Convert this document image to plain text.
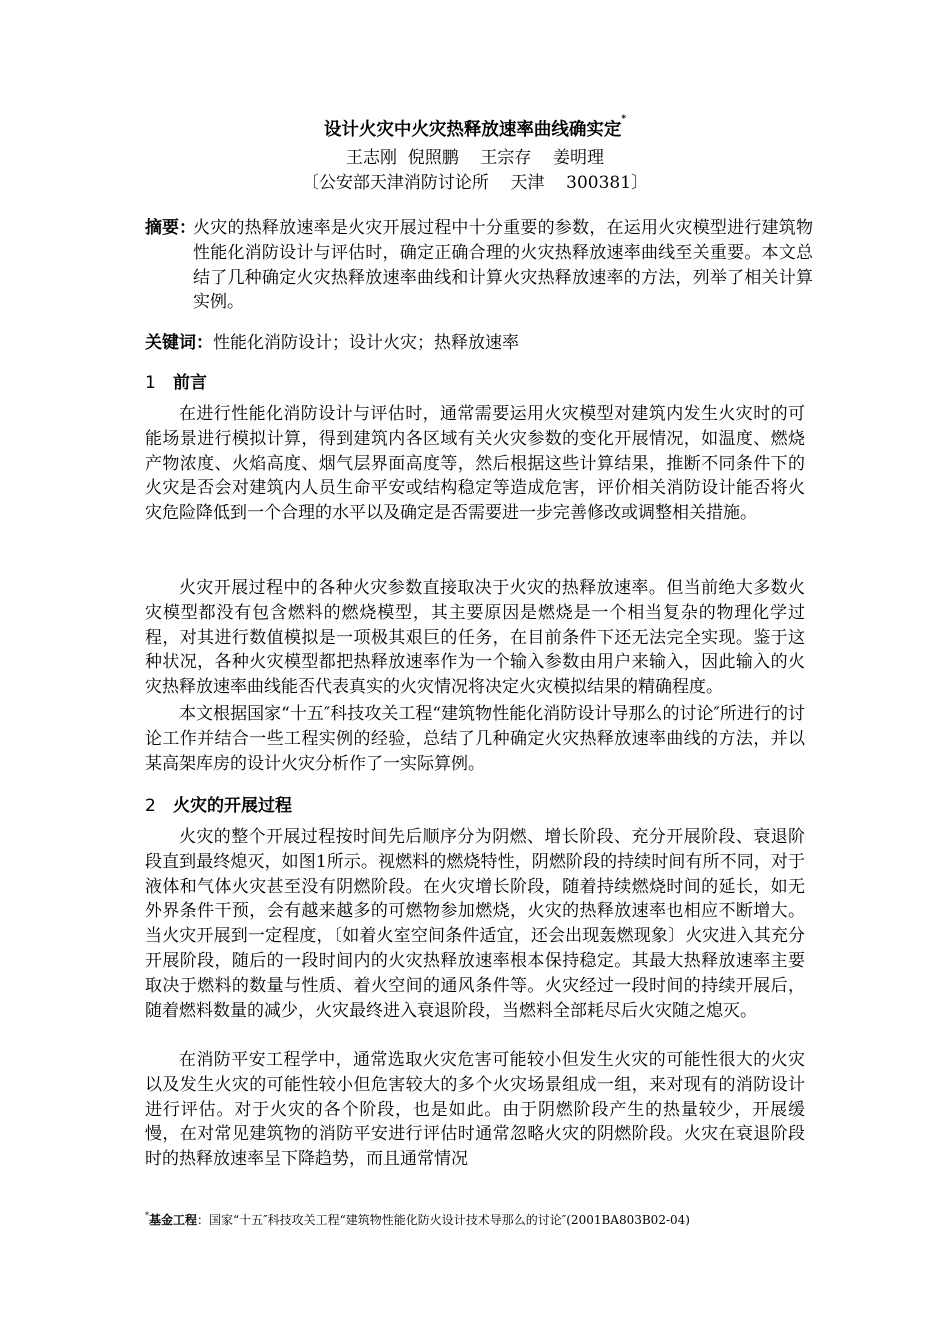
设计火灾中火灾热释放速率曲线确实定*
王志刚  倪照鹏    王宗存    姜明理
〔公安部天津消防讨论所    天津    300381〕
摘要：
火灾的热释放速率是火灾开展过程中十分重要的参数，在运用火灾模型进行建筑物性能化消防设计与评估时，确定正确合理的火灾热释放速率曲线至关重要。本文总结了几种确定火灾热释放速率曲线和计算火灾热释放速率的方法，列举了相关计算实例。
关键词：性能化消防设计；设计火灾；热释放速率
1 前言

在进行性能化消防设计与评估时，通常需要运用火灾模型对建筑内发生火灾时的可能场景进行模拟计算，得到建筑内各区域有关火灾参数的变化开展情况，如温度、燃烧产物浓度、火焰高度、烟气层界面高度等，然后根据这些计算结果，推断不同条件下的火灾是否会对建筑内人员生命平安或结构稳定等造成危害，评价相关消防设计能否将火灾危险降低到一个合理的水平以及确定是否需要进一步完善修改或调整相关措施。

火灾开展过程中的各种火灾参数直接取决于火灾的热释放速率。但当前绝大多数火灾模型都没有包含燃料的燃烧模型，其主要原因是燃烧是一个相当复杂的物理化学过程，对其进行数值模拟是一项极其艰巨的任务，在目前条件下还无法完全实现。鉴于这种状况，各种火灾模型都把热释放速率作为一个输入参数由用户来输入，因此输入的火灾热释放速率曲线能否代表真实的火灾情况将决定火灾模拟结果的精确程度。

本文根据国家“十五″科技攻关工程“建筑物性能化消防设计导那么的讨论″所进行的讨论工作并结合一些工程实例的经验，总结了几种确定火灾热释放速率曲线的方法，并以某高架库房的设计火灾分析作了一实际算例。

2 火灾的开展过程

火灾的整个开展过程按时间先后顺序分为阴燃、增长阶段、充分开展阶段、衰退阶段直到最终熄灭，如图1所示。视燃料的燃烧特性，阴燃阶段的持续时间有所不同，对于液体和气体火灾甚至没有阴燃阶段。在火灾增长阶段，随着持续燃烧时间的延长，如无外界条件干预，会有越来越多的可燃物参加燃烧，火灾的热释放速率也相应不断增大。当火灾开展到一定程度，〔如着火室空间条件适宜，还会出现轰燃现象〕火灾进入其充分开展阶段，随后的一段时间内的火灾热释放速率根本保持稳定。其最大热释放速率主要取决于燃料的数量与性质、着火空间的通风条件等。火灾经过一段时间的持续开展后，随着燃料数量的减少，火灾最终进入衰退阶段，当燃料全部耗尽后火灾随之熄灭。

在消防平安工程学中，通常选取火灾危害可能较小但发生火灾的可能性很大的火灾以及发生火灾的可能性较小但危害较大的多个火灾场景组成一组，来对现有的消防设计进行评估。对于火灾的各个阶段，也是如此。由于阴燃阶段产生的热量较少，开展缓慢，在对常见建筑物的消防平安进行评估时通常忽略火灾的阴燃阶段。火灾在衰退阶段时的热释放速率呈下降趋势，而且通常情况

*基金工程：国家“十五″科技攻关工程“建筑物性能化防火设计技术导那么的讨论″(2001BA803B02-04)
